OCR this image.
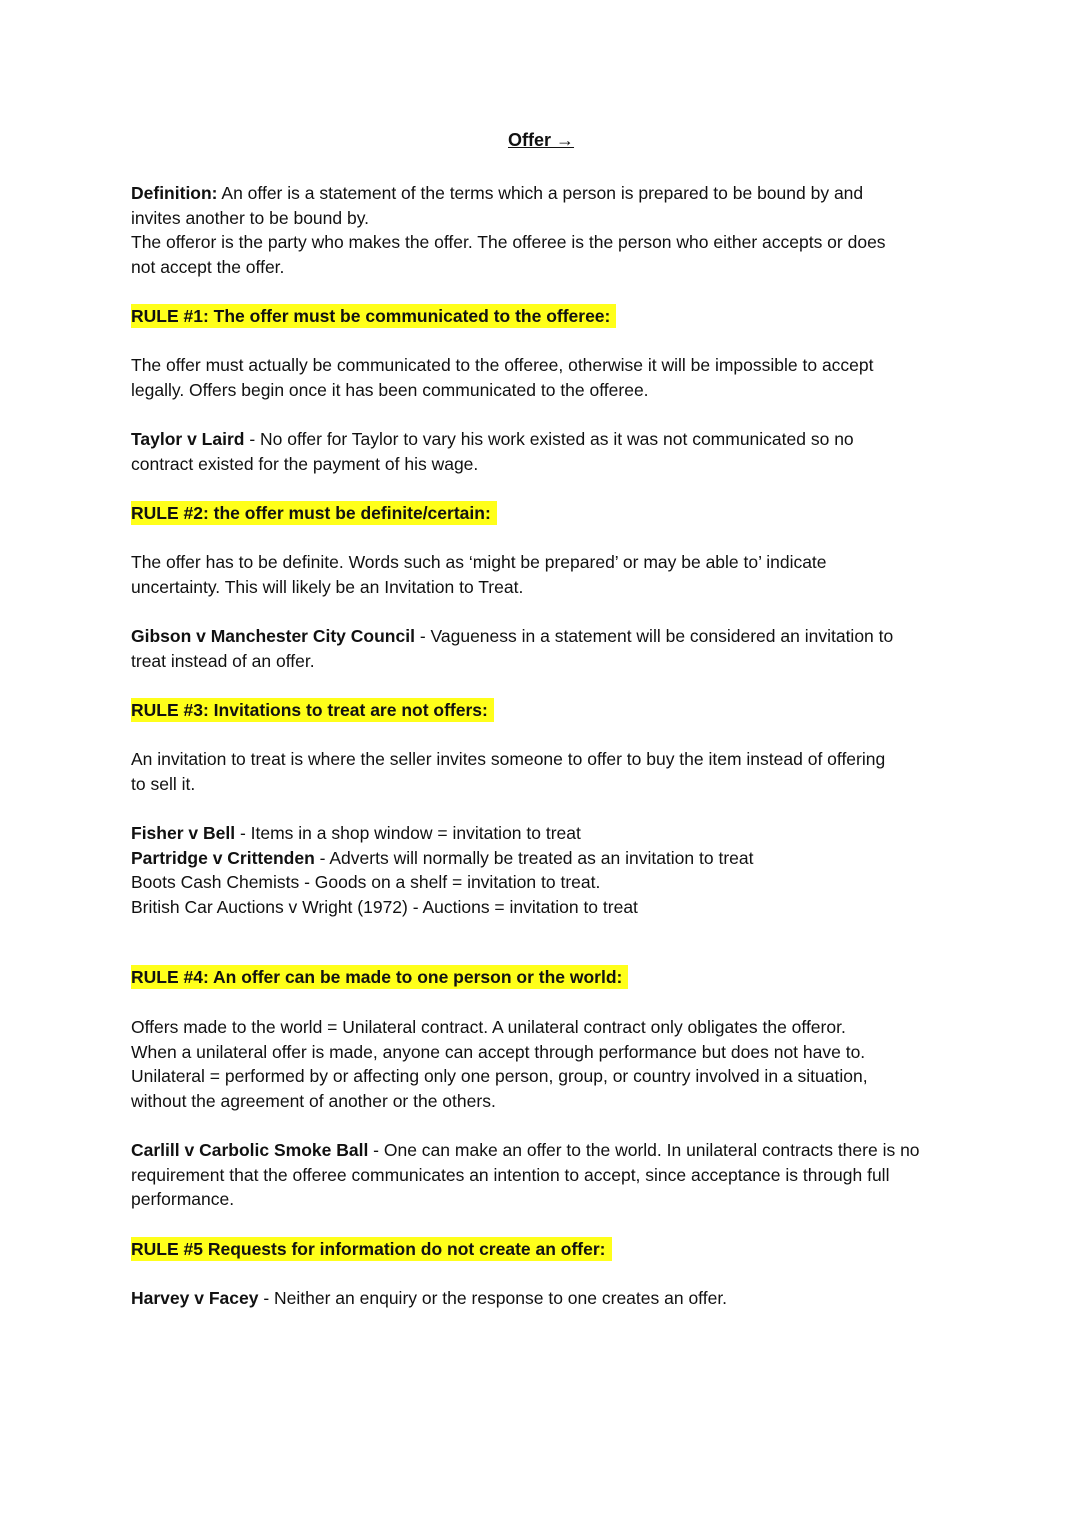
Offer →
Definition: An offer is a statement of the terms which a person is prepared to be bound by and
invites another to be bound by.
The offeror is the party who makes the offer. The offeree is the person who either accepts or does
not accept the offer.
RULE #1: The offer must be communicated to the offeree:
The offer must actually be communicated to the offeree, otherwise it will be impossible to accept
legally. Offers begin once it has been communicated to the offeree.
Taylor v Laird - No offer for Taylor to vary his work existed as it was not communicated so no
contract existed for the payment of his wage.
RULE #2: the offer must be definite/certain:
The offer has to be definite. Words such as ‘might be prepared’ or may be able to’ indicate
uncertainty. This will likely be an Invitation to Treat.
Gibson v Manchester City Council - Vagueness in a statement will be considered an invitation to
treat instead of an offer.
RULE #3: Invitations to treat are not offers:
An invitation to treat is where the seller invites someone to offer to buy the item instead of offering
to sell it.
Fisher v Bell - Items in a shop window = invitation to treat
Partridge v Crittenden - Adverts will normally be treated as an invitation to treat
Boots Cash Chemists - Goods on a shelf = invitation to treat.
British Car Auctions v Wright (1972) - Auctions = invitation to treat
RULE #4: An offer can be made to one person or the world:
Offers made to the world = Unilateral contract. A unilateral contract only obligates the offeror.
When a unilateral offer is made, anyone can accept through performance but does not have to.
Unilateral = performed by or affecting only one person, group, or country involved in a situation,
without the agreement of another or the others.
Carlill v Carbolic Smoke Ball - One can make an offer to the world. In unilateral contracts there is no
requirement that the offeree communicates an intention to accept, since acceptance is through full
performance.
RULE #5 Requests for information do not create an offer:
Harvey v Facey - Neither an enquiry or the response to one creates an offer.
